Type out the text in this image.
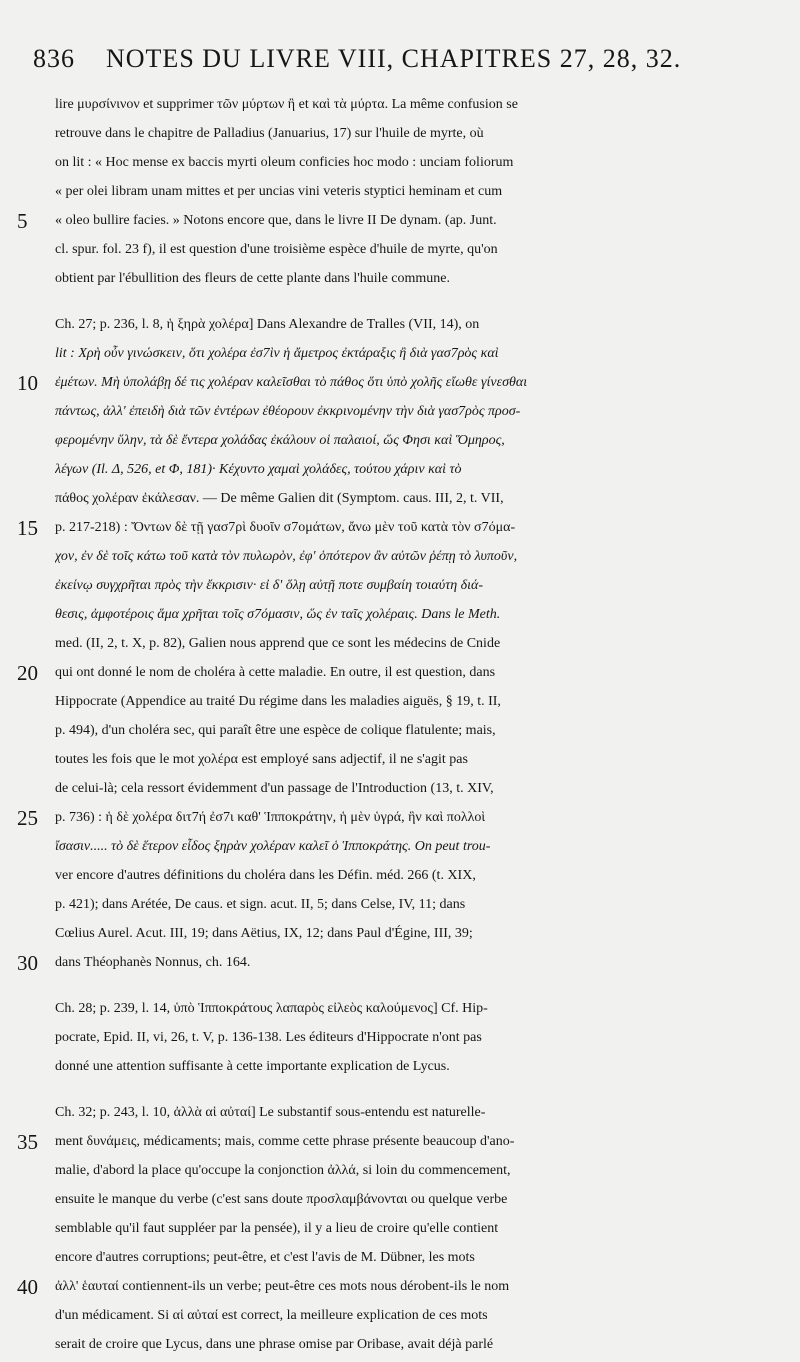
836 NOTES DU LIVRE VIII, CHAPITRES 27, 28, 32.
lire μυρσίνινον et supprimer τῶν μύρτων ἢ et καὶ τὰ μύρτα. La même confusion se
retrouve dans le chapitre de Palladius (Januarius, 17) sur l'huile de myrte, où
on lit : « Hoc mense ex baccis myrti oleum conficies hoc modo : unciam foliorum
« per olei libram unam mittes et per uncias vini veteris styptici heminam et cum
« oleo bullire facies. » Notons encore que, dans le livre II De dynam. (ap. Junt.
cl. spur. fol. 23 f), il est question d'une troisième espèce d'huile de myrte, qu'on
obtient par l'ébullition des fleurs de cette plante dans l'huile commune.
Ch. 27; p. 236, l. 8, ἡ ξηρὰ χολέρα] Dans Alexandre de Tralles (VII, 14), on
lit : Χρὴ οὖν γινώσκειν, ὅτι χολέρα ἐσ7ὶν ἡ ἄμετρος ἐκτάραξις ἢ διὰ γασ7ρὸς καὶ
ἐμέτων. Μὴ ὑπολάβῃ δέ τις χολέραν καλεῖσθαι τὸ πάθος ὅτι ὑπὸ χολῆς εἴωθε γίνεσθαι
πάντως, ἀλλ' ἐπειδὴ διὰ τῶν ἐντέρων ἐθέορουν ἐκκρινομένην τὴν διὰ γασ7ρὸς προσ-
φερομένην ὕλην, τὰ δὲ ἔντερα χολάδας ἐκάλουν οἱ παλαιοί, ὥς Φησι καὶ Ὅμηρος,
λέγων (Il. Δ, 526, et Φ, 181)· Κέχυντο χαμαὶ χολάδες, τούτου χάριν καὶ τὸ
πάθος χολέραν ἐκάλεσαν. — De même Galien dit (Symptom. caus. III, 2, t. VII,
p. 217-218) : Ὄντων δὲ τῇ γασ7ρὶ δυοῖν σ7ομάτων, ἄνω μὲν τοῦ κατὰ τὸν σ7όμα-
χον, ἐν δὲ τοῖς κάτω τοῦ κατὰ τὸν πυλωρὸν, ἐφ' ὁπότερον ἂν αὐτῶν ῥέπῃ τὸ λυποῦν,
ἐκείνῳ συγχρῆται πρὸς τὴν ἔκκρισιν· εἰ δ' ὅλῃ αὐτῇ ποτε συμβαίη τοιαύτη διά-
θεσις, ἀμφοτέροις ἅμα χρῆται τοῖς σ7όμασιν, ὥς ἐν ταῖς χολέραις. Dans le Meth.
med. (II, 2, t. X, p. 82), Galien nous apprend que ce sont les médecins de Cnide
qui ont donné le nom de choléra à cette maladie. En outre, il est question, dans
Hippocrate (Appendice au traité Du régime dans les maladies aiguës, § 19, t. II,
p. 494), d'un choléra sec, qui paraît être une espèce de colique flatulente; mais,
toutes les fois que le mot χολέρα est employé sans adjectif, il ne s'agit pas
de celui-là; cela ressort évidemment d'un passage de l'Introduction (13, t. XIV,
p. 736) : ἡ δὲ χολέρα διτ7ή ἐσ7ι καθ' Ἱπποκράτην, ἡ μὲν ὑγρά, ἣν καὶ πολλοὶ
ἴσασιν..... τὸ δὲ ἕτερον εἶδος ξηρὰν χολέραν καλεῖ ὁ Ἱπποκράτης. On peut trou-
ver encore d'autres définitions du choléra dans les Défin. méd. 266 (t. XIX,
p. 421); dans Arétée, De caus. et sign. acut. II, 5; dans Celse, IV, 11; dans
Cœlius Aurel. Acut. III, 19; dans Aëtius, IX, 12; dans Paul d'Égine, III, 39;
dans Théophanès Nonnus, ch. 164.
Ch. 28; p. 239, l. 14, ὑπὸ Ἱπποκράτους λαπαρὸς εἰλεὸς καλούμενος] Cf. Hip-
pocrate, Epid. II, vi, 26, t. V, p. 136-138. Les éditeurs d'Hippocrate n'ont pas
donné une attention suffisante à cette importante explication de Lycus.
Ch. 32; p. 243, l. 10, ἀλλὰ αἱ αὐταί] Le substantif sous-entendu est naturelle-
ment δυνάμεις, médicaments; mais, comme cette phrase présente beaucoup d'ano-
malie, d'abord la place qu'occupe la conjonction ἀλλά, si loin du commencement,
ensuite le manque du verbe (c'est sans doute προσλαμβάνονται ou quelque verbe
semblable qu'il faut suppléer par la pensée), il y a lieu de croire qu'elle contient
encore d'autres corruptions; peut-être, et c'est l'avis de M. Dübner, les mots
ἀλλ' ἑαυταί contiennent-ils un verbe; peut-être ces mots nous dérobent-ils le nom
d'un médicament. Si αἱ αὐταί est correct, la meilleure explication de ces mots
serait de croire que Lycus, dans une phrase omise par Oribase, avait déjà parlé
5
10
15
20
25
30
35
40
